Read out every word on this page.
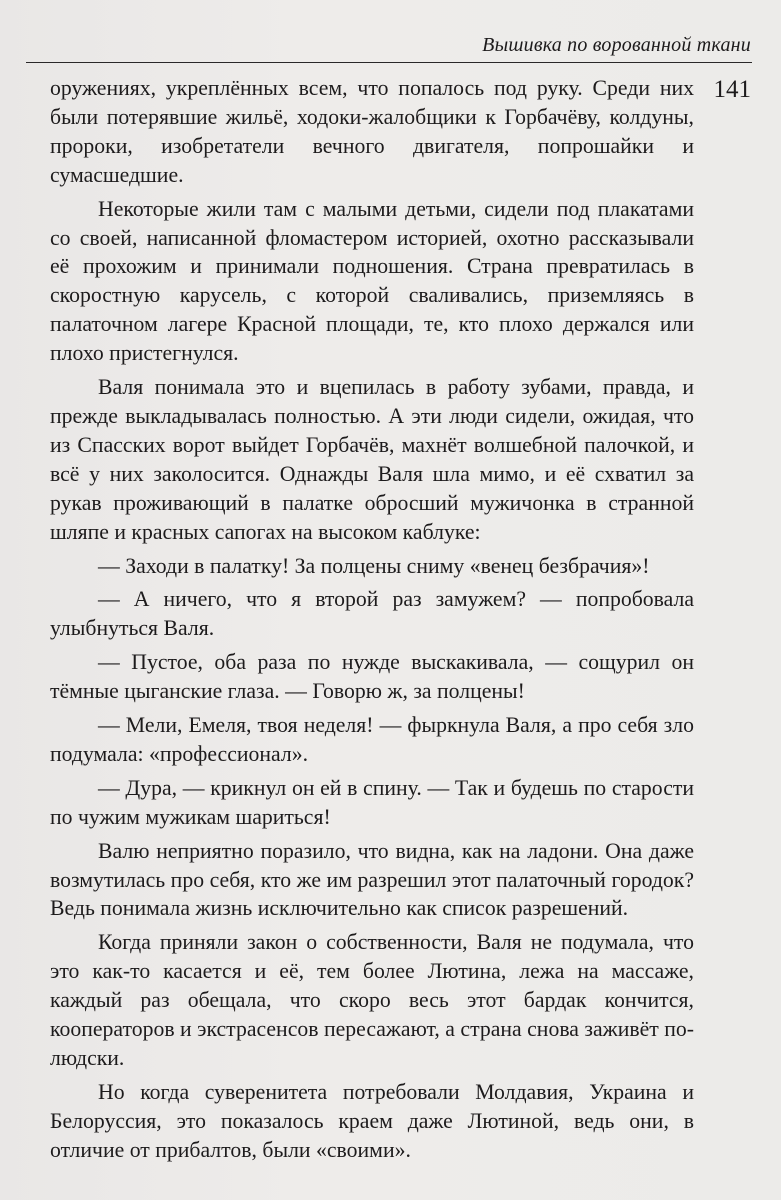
Вышивка по ворованной ткани
141

оружениях, укреплённых всем, что попалось под руку. Среди них были потерявшие жильё, ходоки-жалобщики к Горбачёву, колдуны, пророки, изобретатели вечного двигателя, попрошайки и сумасшедшие.

Некоторые жили там с малыми детьми, сидели под плакатами со своей, написанной фломастером историей, охотно рассказывали её прохожим и принимали подношения. Страна превратилась в скоростную карусель, с которой сваливались, приземляясь в палаточном лагере Красной площади, те, кто плохо держался или плохо пристегнулся.

Валя понимала это и вцепилась в работу зубами, правда, и прежде выкладывалась полностью. А эти люди сидели, ожидая, что из Спасских ворот выйдет Горбачёв, махнёт волшебной палочкой, и всё у них заколосится. Однажды Валя шла мимо, и её схватил за рукав проживающий в палатке обросший мужичонка в странной шляпе и красных сапогах на высоком каблуке:

— Заходи в палатку! За полцены сниму «венец безбрачия»!

— А ничего, что я второй раз замужем? — попробовала улыбнуться Валя.

— Пустое, оба раза по нужде выскакивала, — сощурил он тёмные цыганские глаза. — Говорю ж, за полцены!

— Мели, Емеля, твоя неделя! — фыркнула Валя, а про себя зло подумала: «профессионал».

— Дура, — крикнул он ей в спину. — Так и будешь по старости по чужим мужикам шариться!

Валю неприятно поразило, что видна, как на ладони. Она даже возмутилась про себя, кто же им разрешил этот палаточный городок? Ведь понимала жизнь исключительно как список разрешений.

Когда приняли закон о собственности, Валя не подумала, что это как-то касается и её, тем более Лютина, лежа на массаже, каждый раз обещала, что скоро весь этот бардак кончится, кооператоров и экстрасенсов пересажают, а страна снова заживёт по-людски.

Но когда суверенитета потребовали Молдавия, Украина и Белоруссия, это показалось краем даже Лютиной, ведь они, в отличие от прибалтов, были «своими».
